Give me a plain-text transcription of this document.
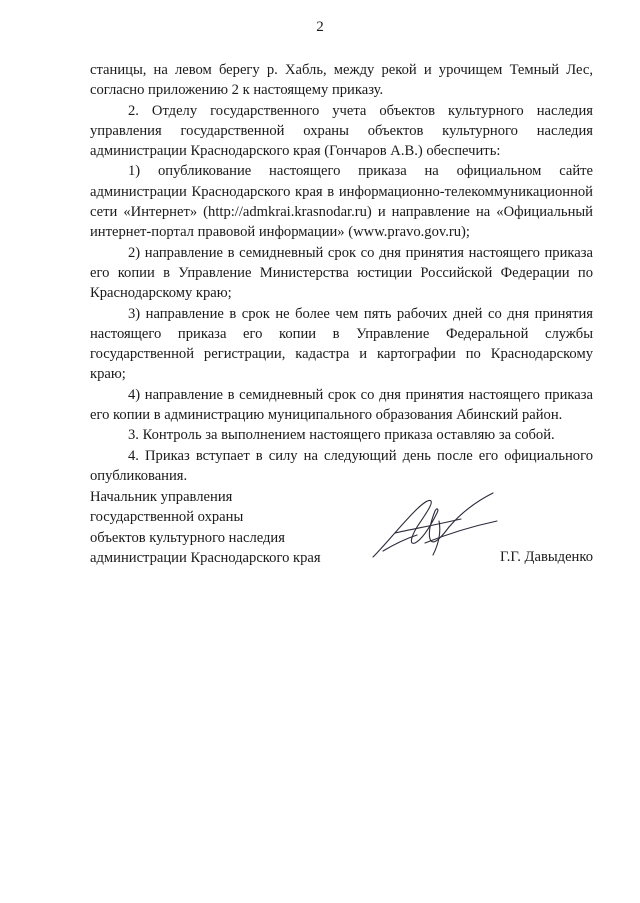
2

станицы, на левом берегу р. Хабль, между рекой и урочищем Темный Лес, согласно приложению 2 к настоящему приказу.

2. Отделу государственного учета объектов культурного наследия управления государственной охраны объектов культурного наследия администрации Краснодарского края (Гончаров А.В.) обеспечить:

1) опубликование настоящего приказа на официальном сайте администрации Краснодарского края в информационно-телекоммуникационной сети «Интернет» (http://admkrai.krasnodar.ru) и направление на «Официальный интернет-портал правовой информации» (www.pravo.gov.ru);

2) направление в семидневный срок со дня принятия настоящего приказа его копии в Управление Министерства юстиции Российской Федерации по Краснодарскому краю;

3) направление в срок не более чем пять рабочих дней со дня принятия настоящего приказа его копии в Управление Федеральной службы государственной регистрации, кадастра и картографии по Краснодарскому краю;

4) направление в семидневный срок со дня принятия настоящего приказа его копии в администрацию муниципального образования Абинский район.

3. Контроль за выполнением настоящего приказа оставляю за собой.

4. Приказ вступает в силу на следующий день после его официального опубликования.

Начальник управления
государственной охраны
объектов культурного наследия
администрации Краснодарского края	Г.Г. Давыденко
